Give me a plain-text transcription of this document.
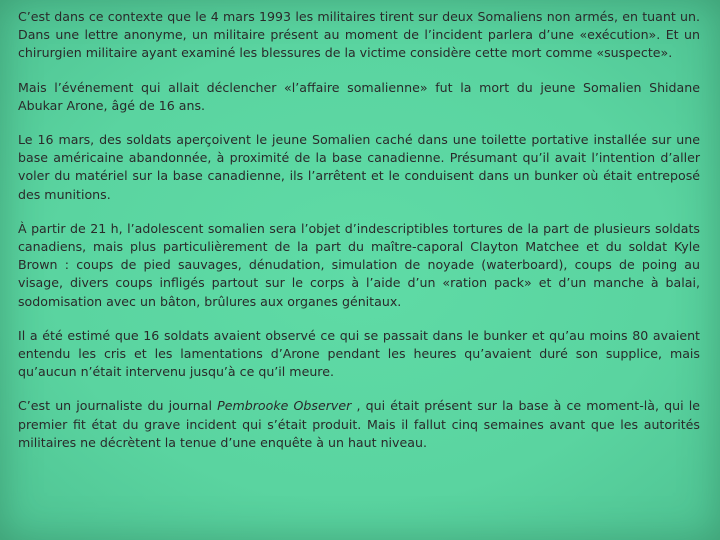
C’est dans ce contexte que le 4 mars 1993 les militaires tirent sur deux Somaliens non armés, en tuant un. Dans une lettre anonyme, un militaire présent au moment de l’incident parlera d’une «exécution». Et un chirurgien militaire ayant examiné les blessures de la victime considère cette mort comme «suspecte».

Mais l’événement qui allait déclencher «l’affaire somalienne» fut la mort du jeune Somalien Shidane Abukar Arone, âgé de 16 ans.

Le 16 mars, des soldats aperçoivent le jeune Somalien caché dans une toilette portative installée sur une base américaine abandonnée, à proximité de la base canadienne. Présumant qu’il avait l’intention d’aller voler du matériel sur la base canadienne, ils l’arrêtent et le conduisent dans un bunker où était entreposé des munitions.

À partir de 21 h, l’adolescent somalien sera l’objet d’indescriptibles tortures de la part de plusieurs soldats canadiens, mais plus particulièrement de la part du maître-caporal Clayton Matchee et du soldat Kyle Brown : coups de pied sauvages, dénudation, simulation de noyade (waterboard), coups de poing au visage, divers coups infligés partout sur le corps à l’aide d’un «ration pack» et d’un manche à balai, sodomisation avec un bâton, brûlures aux organes génitaux.

Il a été estimé que 16 soldats avaient observé ce qui se passait dans le bunker et qu’au moins 80 avaient entendu les cris et les lamentations d’Arone pendant les heures qu’avaient duré son supplice, mais qu’aucun n’était intervenu jusqu’à ce qu’il meure.

C’est un journaliste du journal Pembrooke Observer , qui était présent sur la base à ce moment-là, qui le premier fit état du grave incident qui s’était produit. Mais il fallut cinq semaines avant que les autorités militaires ne décrètent la tenue d’une enquête à un haut niveau.
